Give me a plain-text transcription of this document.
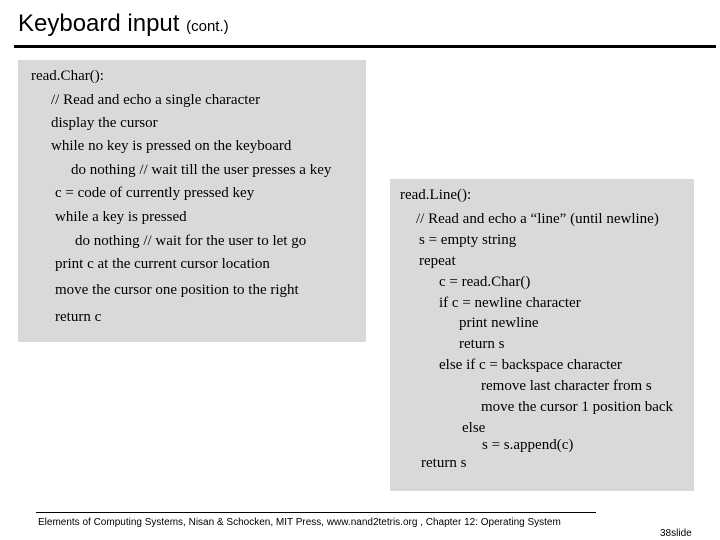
Keyboard input (cont.)
read.Char():
// Read and echo a single character
display the cursor
while no key is pressed on the keyboard
do nothing // wait till the user presses a key
c = code of currently pressed key
while a key is pressed
do nothing // wait for the user to let go
print c at the current cursor location
move the cursor one position to the right
return c
read.Line():
// Read and echo a “line” (until newline)
s = empty string
repeat
c = read.Char()
if c = newline character
print newline
return s
else if c = backspace character
remove last character from s
move the cursor 1 position back
else
s = s.append(c)
return s
Elements of Computing Systems, Nisan & Schocken, MIT Press, www.nand2tetris.org , Chapter 12: Operating System
38slide
